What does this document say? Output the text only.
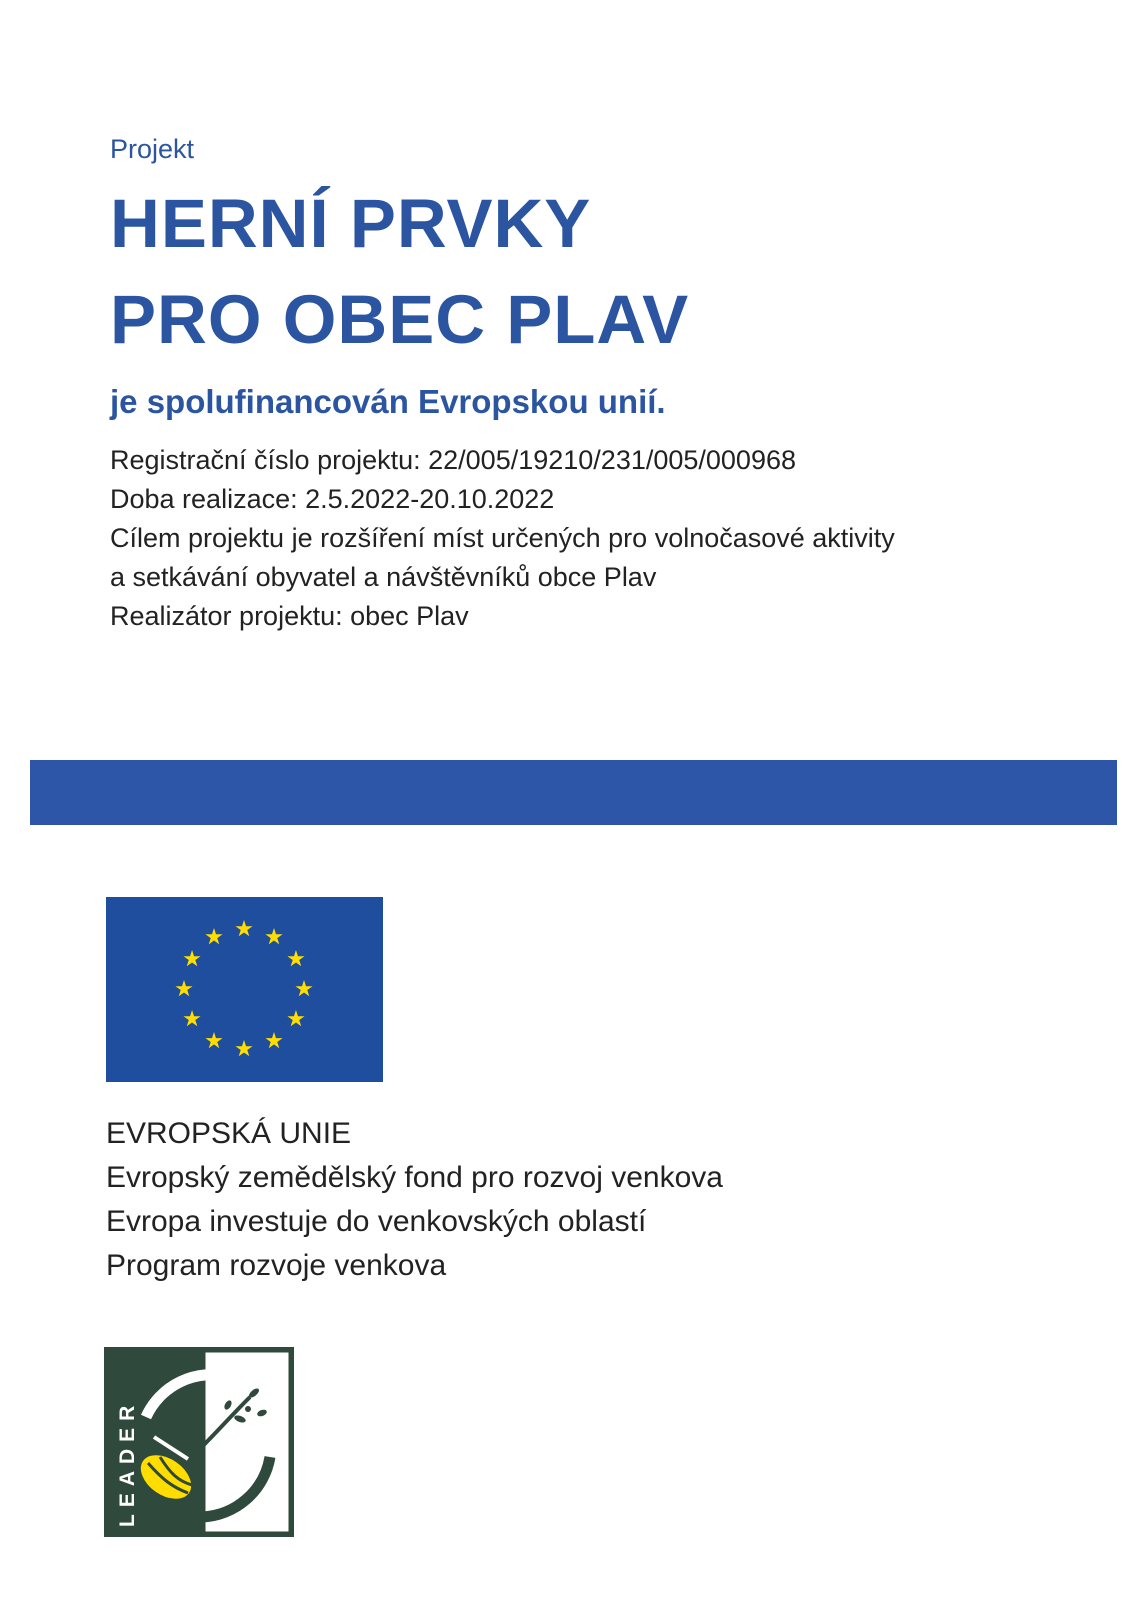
Projekt
HERNÍ PRVKY
PRO OBEC PLAV
je spolufinancován Evropskou unií.
Registrační číslo projektu: 22/005/19210/231/005/000968
Doba realizace: 2.5.2022-20.10.2022
Cílem projektu je rozšíření míst určených pro volnočasové aktivity
a setkávání obyvatel a návštěvníků obce Plav
Realizátor projektu: obec Plav
EVROPSKÁ UNIE
Evropský zemědělský fond pro rozvoj venkova
Evropa investuje do venkovských oblastí
Program rozvoje venkova
LEADER
